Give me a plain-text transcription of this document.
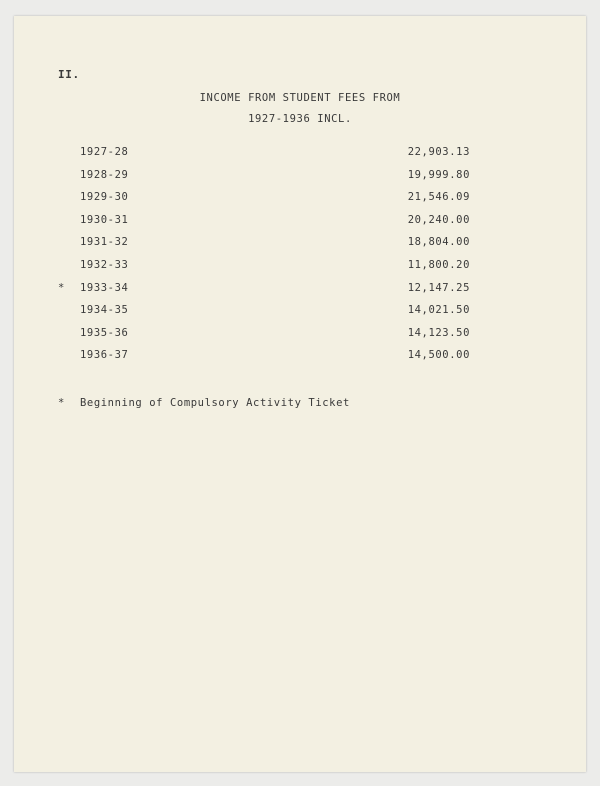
II.
INCOME FROM STUDENT FEES FROM
1927-1936 INCL.
1927-28	22,903.13
1928-29	19,999.80
1929-30	21,546.09
1930-31	20,240.00
1931-32	18,804.00
1932-33	11,800.20
* 1933-34	12,147.25
1934-35	14,021.50
1935-36	14,123.50
1936-37	14,500.00
* Beginning of Compulsory Activity Ticket
